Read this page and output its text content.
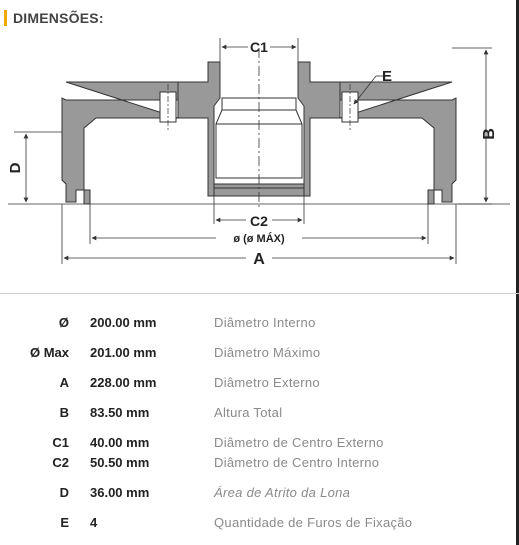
DIMENSÕES:
C1
E
B
D
C2
ø (ø MÁX)
A
Ø 200.00 mm	Diâmetro Interno
Ø Max 201.00 mm	Diâmetro Máximo
A 228.00 mm	Diâmetro Externo
B 83.50 mm	Altura Total
C1 40.00 mm	Diâmetro de Centro Externo
C2 50.50 mm	Diâmetro de Centro Interno
D 36.00 mm	Área de Atrito da Lona
E 4	Quantidade de Furos de Fixação
